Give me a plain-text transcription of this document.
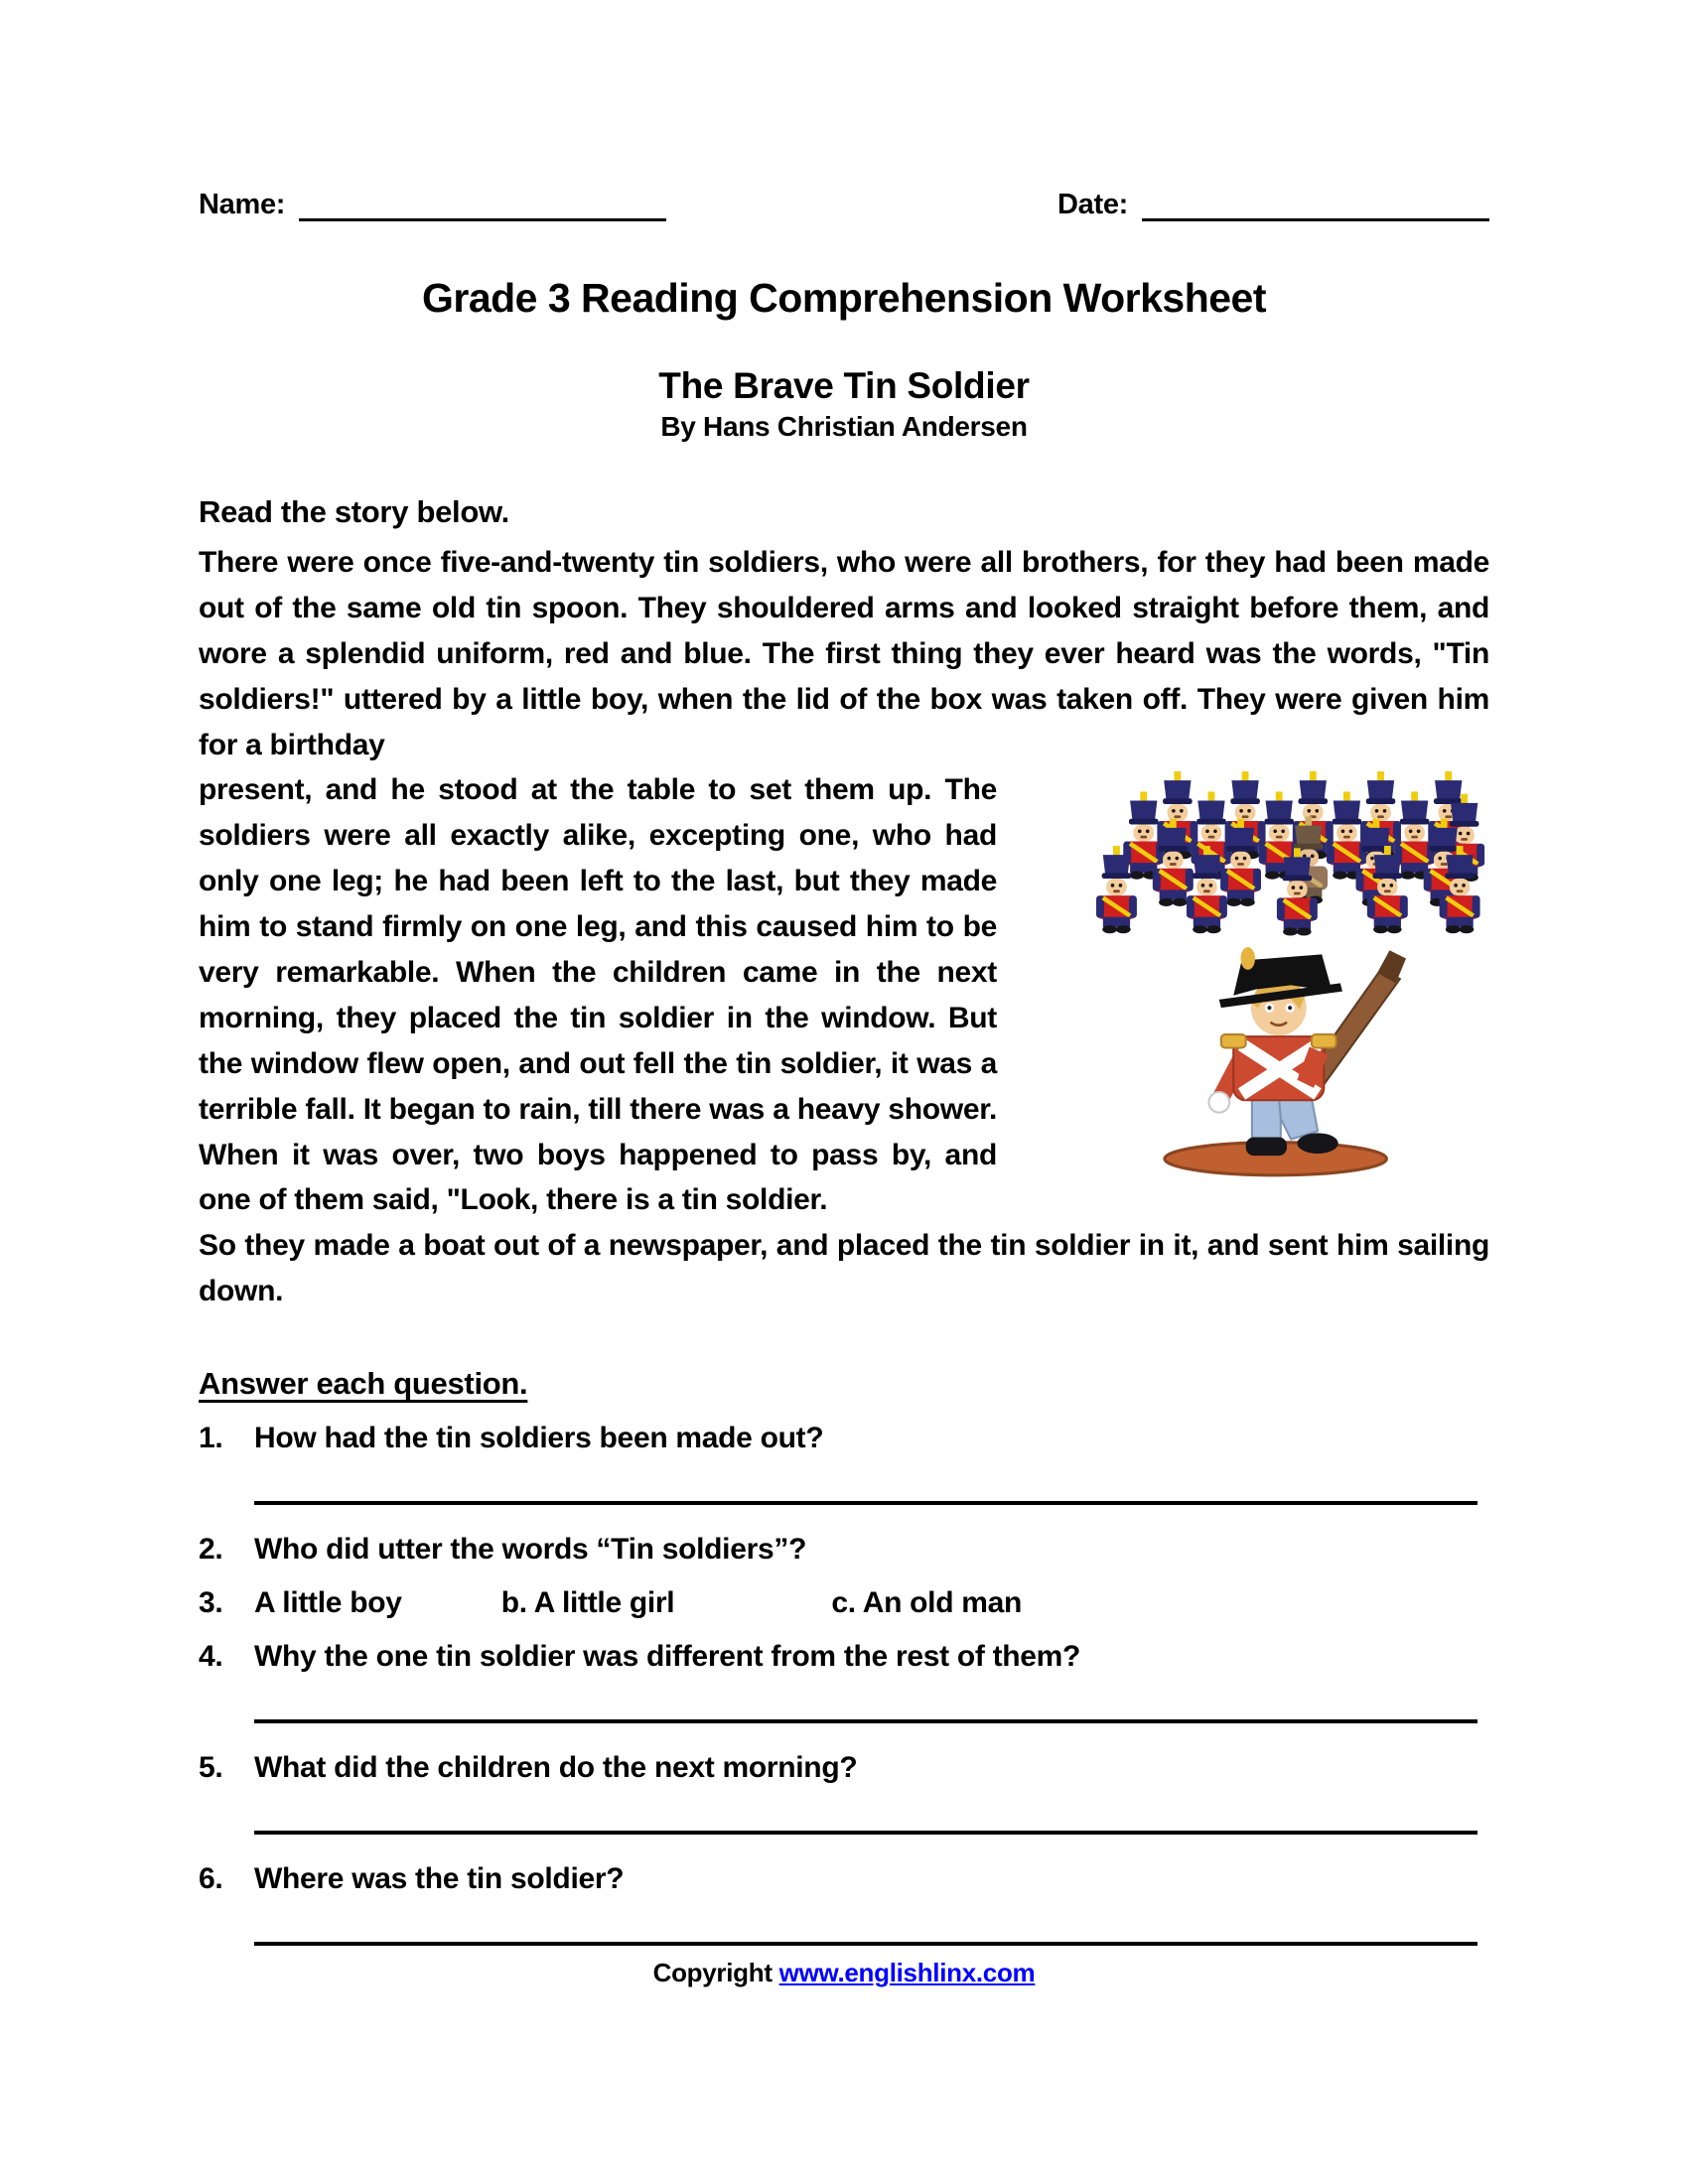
Name:	Date:
Grade 3 Reading Comprehension Worksheet
The Brave Tin Soldier
By Hans Christian Andersen
Read the story below.

There were once five-and-twenty tin soldiers, who were all brothers, for they had been made out of the same old tin spoon. They shouldered arms and looked straight before them, and wore a splendid uniform, red and blue. The first thing they ever heard was the words, "Tin soldiers!" uttered by a little boy, when the lid of the box was taken off. They were given him for a birthday

present, and he stood at the table to set them up. The soldiers were all exactly alike, excepting one, who had only one leg; he had been left to the last, but they made him to stand firmly on one leg, and this caused him to be very remarkable. When the children came in the next morning, they placed the tin soldier in the window. But the window flew open, and out fell the tin soldier, it was a terrible fall. It began to rain, till there was a heavy shower. When it was over, two boys happened to pass by, and one of them said, "Look, there is a tin soldier.

So they made a boat out of a newspaper, and placed the tin soldier in it, and sent him sailing down.

Answer each question.
1.	How had the tin soldiers been made out?
2.	Who did utter the words “Tin soldiers”?
3.	A little boy	b. A little girl	c. An old man
4.	Why the one tin soldier was different from the rest of them?
5.	What did the children do the next morning?
6.	Where was the tin soldier?
Copyright www.englishlinx.com
